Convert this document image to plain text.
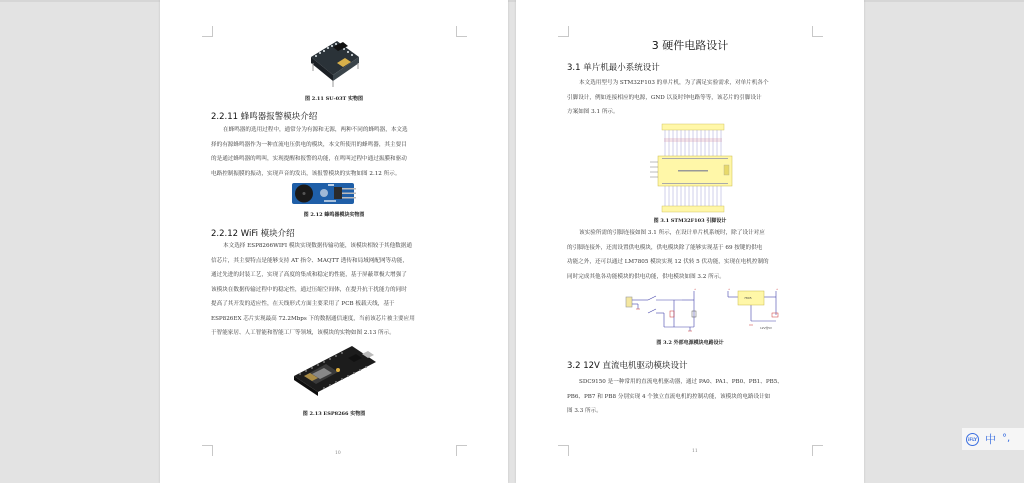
图 2.11 SU-03T 实物图
2.2.11 蜂鸣器报警模块介绍
在蜂鸣器的选用过程中，通常分为有源和无源，两种不同的蜂鸣器，本文选
择的有源蜂鸣器作为一种直流电压供电的模块，本文所使用的蜂鸣器，其主要目
的是通过蜂鸣器的鸣叫，实现提醒和报警的功能，在鸣叫过程中通过振膜和驱动
电路控制振膜的振动，实现声音的发出，该报警模块的实物如图 2.12 所示。
图 2.12 蜂鸣器模块实物图
2.2.12 WiFi 模块介绍
本文选择 ESP8266WIFI 模块实现数据传输功能，该模块相较于其他数据通
信芯片，其主要特点是能够支持 AT 指令、MAQTT 透传和局域网配网等功能，
通过先进的封装工艺，实现了高度的集成和稳定的性能，基于屏蔽罩极大增强了
该模块在数据传输过程中的稳定性，通过压缩空间体，在提升抗干扰能力的同时
提高了其开发的适应性，在天线形式方面主要采用了 PCB 板载天线，基于
ESP826EX 芯片实现最高 72.2Mbps 下的数据通信速度，当前该芯片被主要应用
于智能家居、人工智能和智能工厂等领域，该模块的实物如图 2.13 所示。
图 2.13 ESP8266 实物图
10
3 硬件电路设计
3.1 单片机最小系统设计
本文选用型号为 STM32F103 的单片机，为了满足实验需求，对单片机各个
引脚设计，例如连接相应的电源，GND 以及时钟电路等等，该芯片的引脚设计
方案如图 3.1 所示。
图 3.1 STM32F103 引脚设计
该实验所需的引脚连接如图 3.1 所示，在设计单片机系统时，除了设计对应
的引脚连接外，还需设置供电模块，供电模块除了能够实现基于 69 按键的供电
功能之外，还可以通过 LM7805 模块实现 12 伏转 5 伏功能，实现在电机控制的
同时完成其他各功能模块的供电功能，供电模块如图 3.2 所示。
+	+	+
7805
12V转5V
图 3.2 外部电源模块电路设计
3.2 12V 直流电机驱动模块设计
SDC9150 是一种常用的直流电机驱动器，通过 PA0、PA1、PB0、PB1、PB5、
PB6、PB7 和 PB8 分别实现 4 个独立直流电机的控制功能，该模块的电路设计如
图 3.3 所示。
11
iFLY 中 °,
